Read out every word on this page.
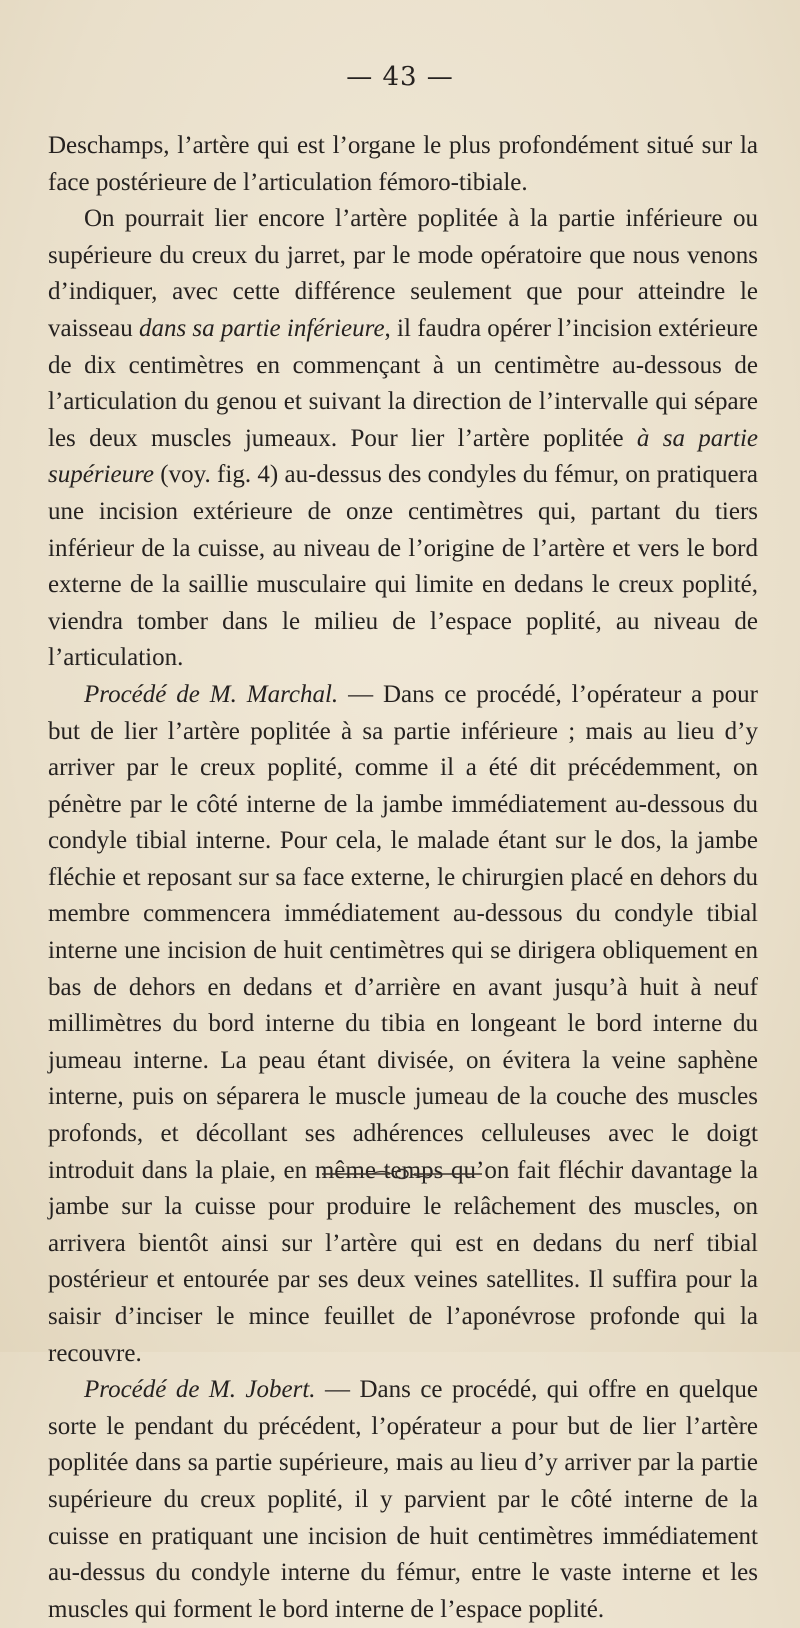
— 43 —

Deschamps, l’artère qui est l’organe le plus profondément situé sur la face postérieure de l’articulation fémoro-tibiale.

On pourrait lier encore l’artère poplitée à la partie inférieure ou supérieure du creux du jarret, par le mode opératoire que nous venons d’indiquer, avec cette différence seulement que pour atteindre le vaisseau dans sa partie inférieure, il faudra opérer l’incision extérieure de dix centimètres en commençant à un centimètre au-dessous de l’articulation du genou et suivant la direction de l’intervalle qui sépare les deux muscles jumeaux. Pour lier l’artère poplitée à sa partie supérieure (voy. fig. 4) au-dessus des condyles du fémur, on pratiquera une incision extérieure de onze centimètres qui, partant du tiers inférieur de la cuisse, au niveau de l’origine de l’artère et vers le bord externe de la saillie musculaire qui limite en dedans le creux poplité, viendra tomber dans le milieu de l’espace poplité, au niveau de l’articulation.

Procédé de M. Marchal. — Dans ce procédé, l’opérateur a pour but de lier l’artère poplitée à sa partie inférieure ; mais au lieu d’y arriver par le creux poplité, comme il a été dit précédemment, on pénètre par le côté interne de la jambe immédiatement au-dessous du condyle tibial interne. Pour cela, le malade étant sur le dos, la jambe fléchie et reposant sur sa face externe, le chirurgien placé en dehors du membre commencera immédiatement au-dessous du condyle tibial interne une incision de huit centimètres qui se dirigera obliquement en bas de dehors en dedans et d’arrière en avant jusqu’à huit à neuf millimètres du bord interne du tibia en longeant le bord interne du jumeau interne. La peau étant divisée, on évitera la veine saphène interne, puis on séparera le muscle jumeau de la couche des muscles profonds, et décollant ses adhérences celluleuses avec le doigt introduit dans la plaie, en même temps qu’on fait fléchir davantage la jambe sur la cuisse pour produire le relâchement des muscles, on arrivera bientôt ainsi sur l’artère qui est en dedans du nerf tibial postérieur et entourée par ses deux veines satellites. Il suffira pour la saisir d’inciser le mince feuillet de l’aponévrose profonde qui la recouvre.

Procédé de M. Jobert. — Dans ce procédé, qui offre en quelque sorte le pendant du précédent, l’opérateur a pour but de lier l’artère poplitée dans sa partie supérieure, mais au lieu d’y arriver par la partie supérieure du creux poplité, il y parvient par le côté interne de la cuisse en pratiquant une incision de huit centimètres immédiatement au-dessus du condyle interne du fémur, entre le vaste interne et les muscles qui forment le bord interne de l’espace poplité.
